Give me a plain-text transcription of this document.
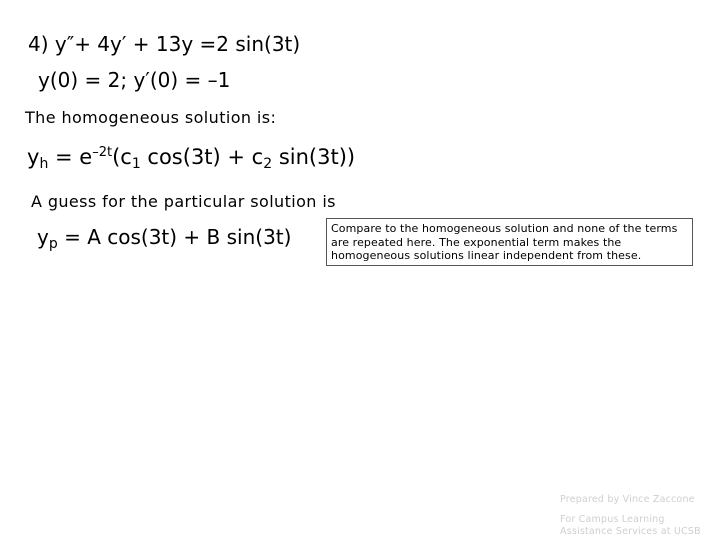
4) y″+ 4y′ + 13y =2 sin(3t)
y(0) = 2; y′(0) = –1
The homogeneous solution is:
$y_h = e^{-2t}(c_1$ $\cos(3t) + c_2$ sin(3t))
A guess for the particular solution is
$y_p = A$ cos(3t) + B sin(3t)	Compare to the homogeneous solution and none of the terms are repeated here. The exponential term makes the homogeneous solutions linear independent from these.
Prepared by Vince Zaccone
For Campus Learning
Assistance Services at UCSB
